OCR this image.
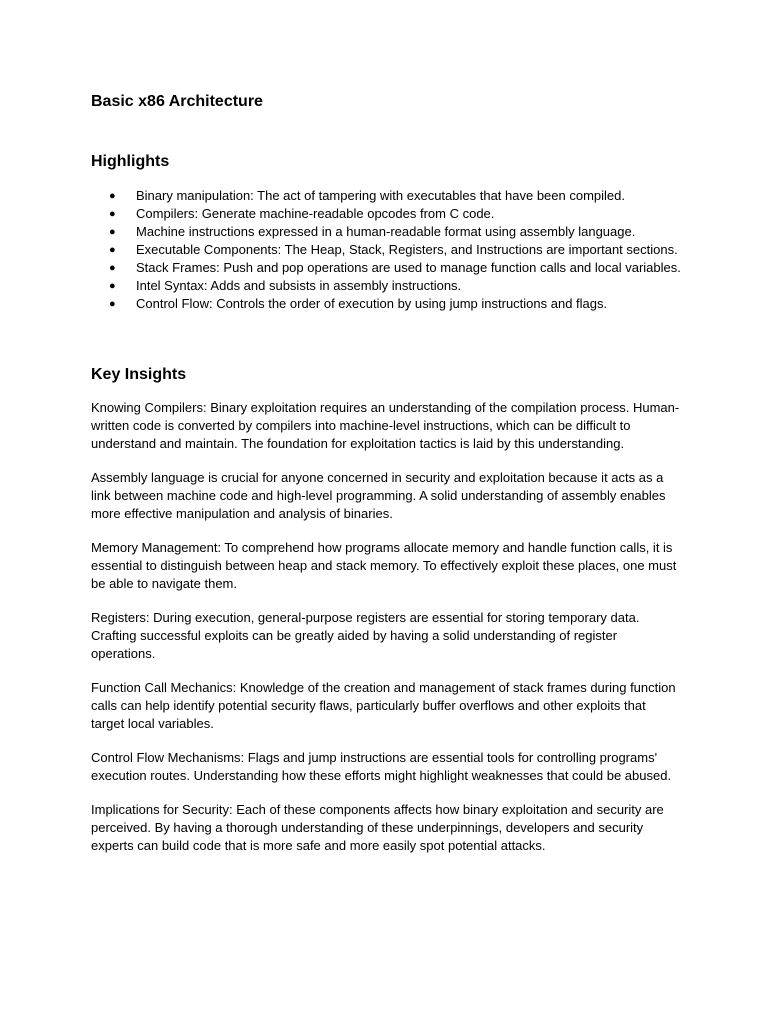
Basic x86 Architecture
Highlights
● Binary manipulation: The act of tampering with executables that have been compiled.
● Compilers: Generate machine-readable opcodes from C code.
● Machine instructions expressed in a human-readable format using assembly language.
● Executable Components: The Heap, Stack, Registers, and Instructions are important sections.
● Stack Frames: Push and pop operations are used to manage function calls and local variables.
● Intel Syntax: Adds and subsists in assembly instructions.
● Control Flow: Controls the order of execution by using jump instructions and flags.
Key Insights

Knowing Compilers: Binary exploitation requires an understanding of the compilation process. Human-written code is converted by compilers into machine-level instructions, which can be difficult to understand and maintain. The foundation for exploitation tactics is laid by this understanding.

Assembly language is crucial for anyone concerned in security and exploitation because it acts as a link between machine code and high-level programming. A solid understanding of assembly enables more effective manipulation and analysis of binaries.

Memory Management: To comprehend how programs allocate memory and handle function calls, it is essential to distinguish between heap and stack memory. To effectively exploit these places, one must be able to navigate them.

Registers: During execution, general-purpose registers are essential for storing temporary data. Crafting successful exploits can be greatly aided by having a solid understanding of register operations.

Function Call Mechanics: Knowledge of the creation and management of stack frames during function calls can help identify potential security flaws, particularly buffer overflows and other exploits that target local variables.

Control Flow Mechanisms: Flags and jump instructions are essential tools for controlling programs' execution routes. Understanding how these efforts might highlight weaknesses that could be abused.

Implications for Security: Each of these components affects how binary exploitation and security are perceived. By having a thorough understanding of these underpinnings, developers and security experts can build code that is more safe and more easily spot potential attacks.
